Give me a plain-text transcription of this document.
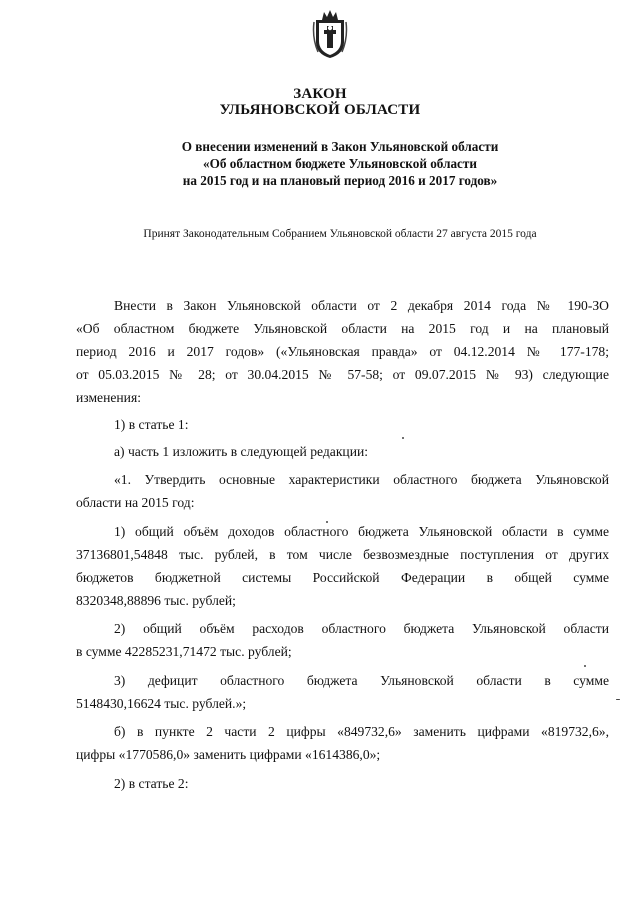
ЗАКОН
УЛЬЯНОВСКОЙ ОБЛАСТИ
О внесении изменений в Закон Ульяновской области
«Об областном бюджете Ульяновской области
на 2015 год и на плановый период 2016 и 2017 годов»
Принят Законодательным Собранием Ульяновской области 27 августа 2015 года
Внести в Закон Ульяновской области от 2 декабря 2014 года № 190-ЗО
«Об областном бюджете Ульяновской области на 2015 год и на плановый
период 2016 и 2017 годов» («Ульяновская правда» от 04.12.2014 № 177-178;
от 05.03.2015 № 28; от 30.04.2015 № 57-58; от 09.07.2015 № 93) следующие
изменения:
1) в статье 1:
а) часть 1 изложить в следующей редакции:
«1. Утвердить основные характеристики областного бюджета Ульяновской
области на 2015 год:
1) общий объём доходов областного бюджета Ульяновской области в сумме
37136801,54848 тыс. рублей, в том числе безвозмездные поступления от других
бюджетов бюджетной системы Российской Федерации в общей сумме
8320348,88896 тыс. рублей;
2) общий объём расходов областного бюджета Ульяновской области
в сумме 42285231,71472 тыс. рублей;
3) дефицит областного бюджета Ульяновской области в сумме
5148430,16624 тыс. рублей.»;
б) в пункте 2 части 2 цифры «849732,6» заменить цифрами «819732,6»,
цифры «1770586,0» заменить цифрами «1614386,0»;
2) в статье 2:
